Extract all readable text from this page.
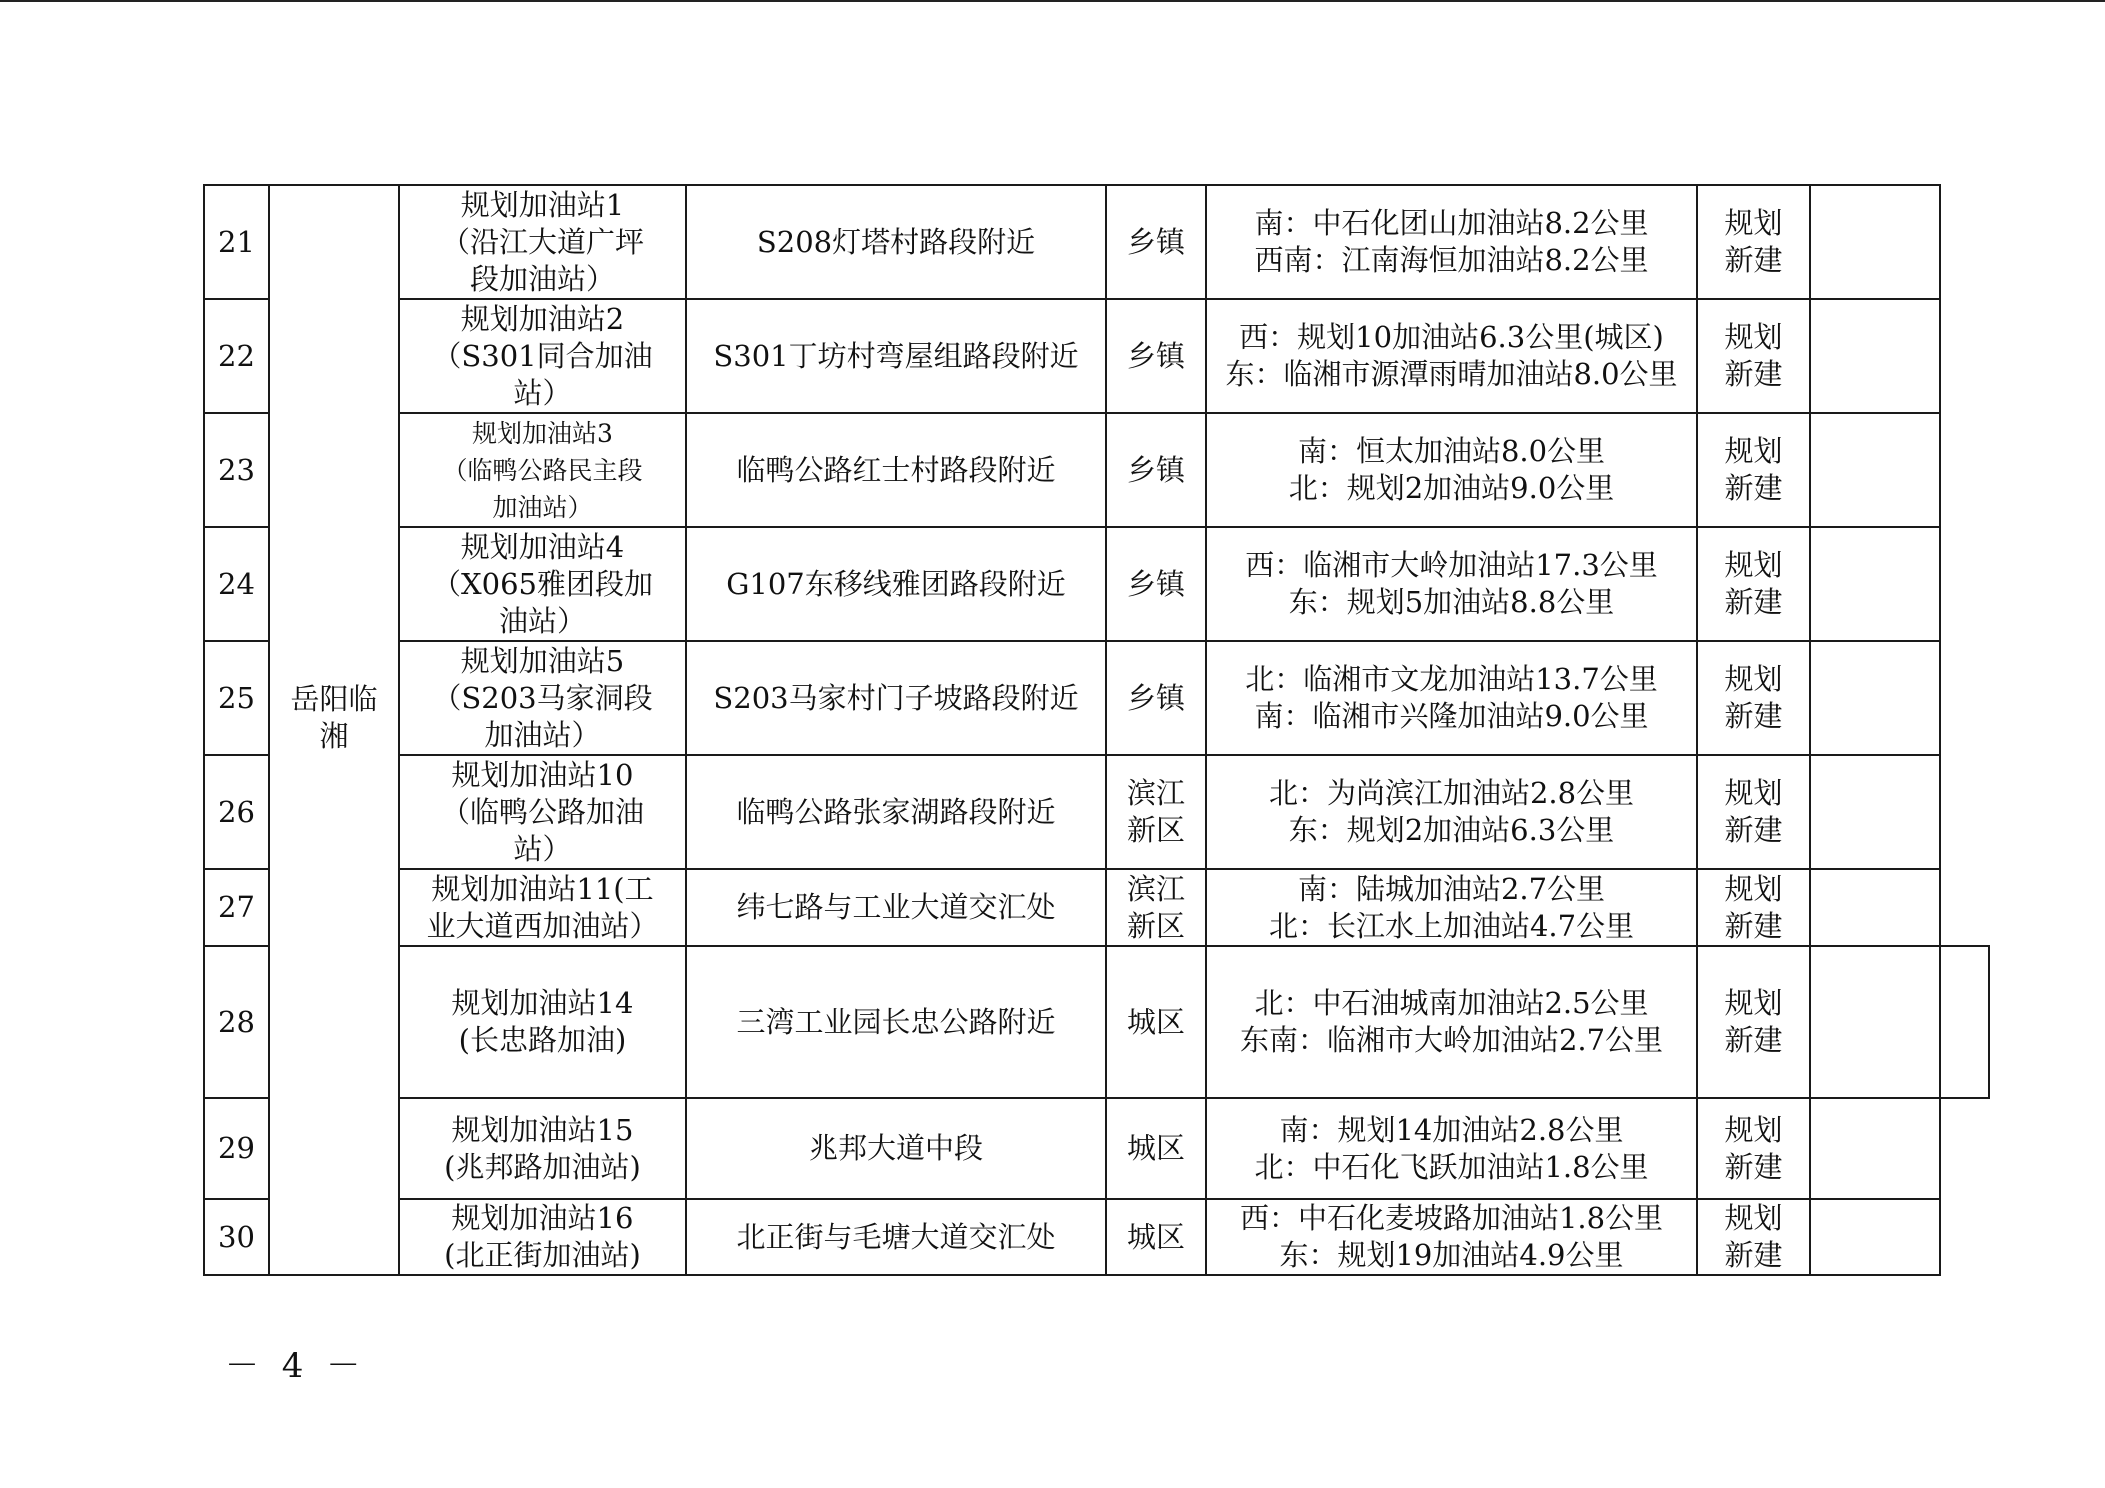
21	岳阳临湘	规划加油站1
（沿江大道广坪
段加油站）	S208灯塔村路段附近	乡镇	南：中石化团山加油站8.2公里
西南：江南海恒加油站8.2公里	规划
新建	

22		规划加油站2
（S301同合加油
站）	S301丁坊村弯屋组路段附近	乡镇	西：规划10加油站6.3公里(城区)
东：临湘市源潭雨晴加油站8.0公里	规划
新建	

23		规划加油站3
（临鸭公路民主段
加油站）	临鸭公路红士村路段附近	乡镇	南：恒太加油站8.0公里
北：规划2加油站9.0公里	规划
新建	

24		规划加油站4
（X065雅团段加
油站）	G107东移线雅团路段附近	乡镇	西：临湘市大岭加油站17.3公里
东：规划5加油站8.8公里	规划
新建	

25		规划加油站5
（S203马家洞段
加油站）	S203马家村门子坡路段附近	乡镇	北：临湘市文龙加油站13.7公里
南：临湘市兴隆加油站9.0公里	规划
新建	

26		规划加油站10
（临鸭公路加油
站）	临鸭公路张家湖路段附近	滨江
新区	北：为尚滨江加油站2.8公里
东：规划2加油站6.3公里	规划
新建	

27		规划加油站11(工
业大道西加油站）	纬七路与工业大道交汇处	滨江
新区	南：陆城加油站2.7公里
北：长江水上加油站4.7公里	规划
新建	

28		规划加油站14
(长忠路加油)	三湾工业园长忠公路附近	城区	北：中石油城南加油站2.5公里
东南：临湘市大岭加油站2.7公里	规划
新建	

29		规划加油站15
(兆邦路加油站)	兆邦大道中段	城区	南：规划14加油站2.8公里
北：中石化飞跃加油站1.8公里	规划
新建	

30		规划加油站16
(北正街加油站)	北正街与毛塘大道交汇处	城区	西：中石化麦坡路加油站1.8公里
东：规划19加油站4.9公里	规划
新建	

－ 4 －
